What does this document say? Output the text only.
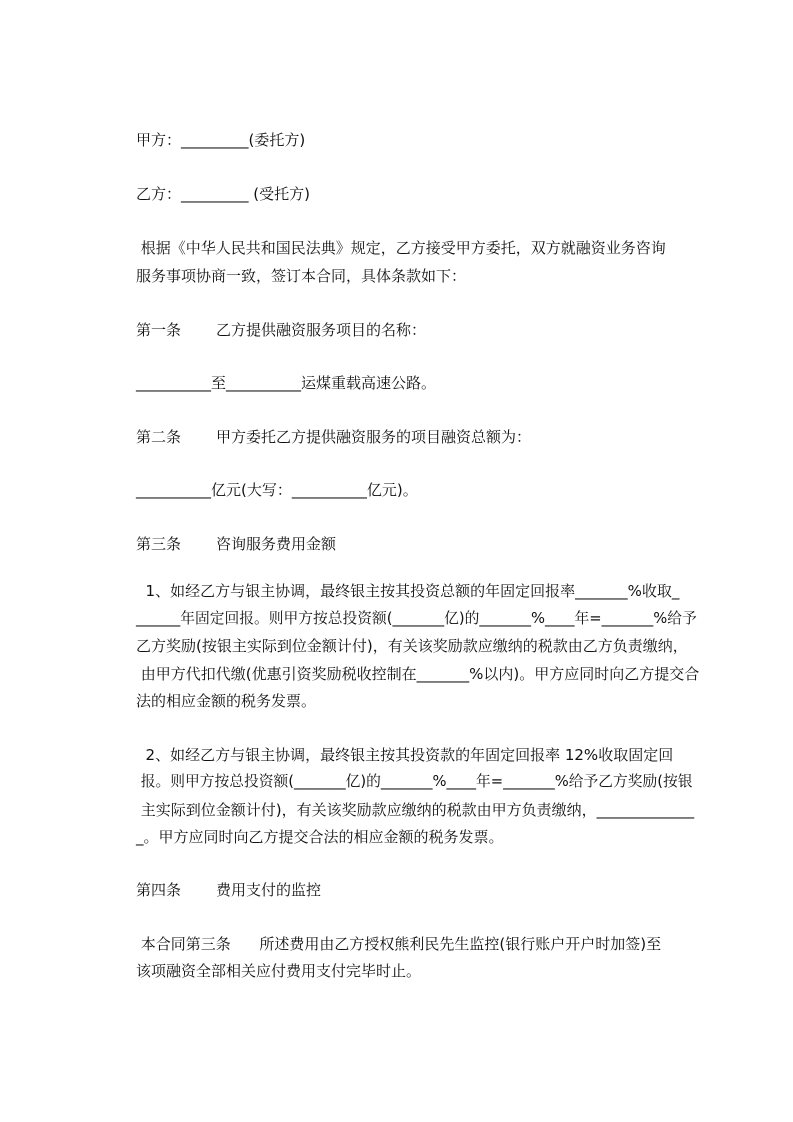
甲方：_________(委托方)

乙方：_________ (受托方)

根据《中华人民共和国民法典》规定，乙方接受甲方委托，双方就融资业务咨询

服务事项协商一致，签订本合同，具体条款如下：

第一条 乙方提供融资服务项目的名称：

__________至__________运煤重载高速公路。

第二条 甲方委托乙方提供融资服务的项目融资总额为：

__________亿元(大写：__________亿元)。

第三条 咨询服务费用金额

1、如经乙方与银主协调，最终银主按其投资总额的年固定回报率_______%收取_

______年固定回报。则甲方按总投资额(_______亿)的_______%____年=_______%给予

乙方奖励(按银主实际到位金额计付)，有关该奖励款应缴纳的税款由乙方负责缴纳，

由甲方代扣代缴(优惠引资奖励税收控制在_______%以内)。甲方应同时向乙方提交合

法的相应金额的税务发票。

2、如经乙方与银主协调，最终银主按其投资款的年固定回报率 12%收取固定回

报。则甲方按总投资额(_______亿)的_______%____年=_______%给予乙方奖励(按银

主实际到位金额计付)，有关该奖励款应缴纳的税款由甲方负责缴纳，_____________

_。甲方应同时向乙方提交合法的相应金额的税务发票。

第四条 费用支付的监控

本合同第三条      所述费用由乙方授权熊利民先生监控(银行账户开户时加签)至

该项融资全部相关应付费用支付完毕时止。
